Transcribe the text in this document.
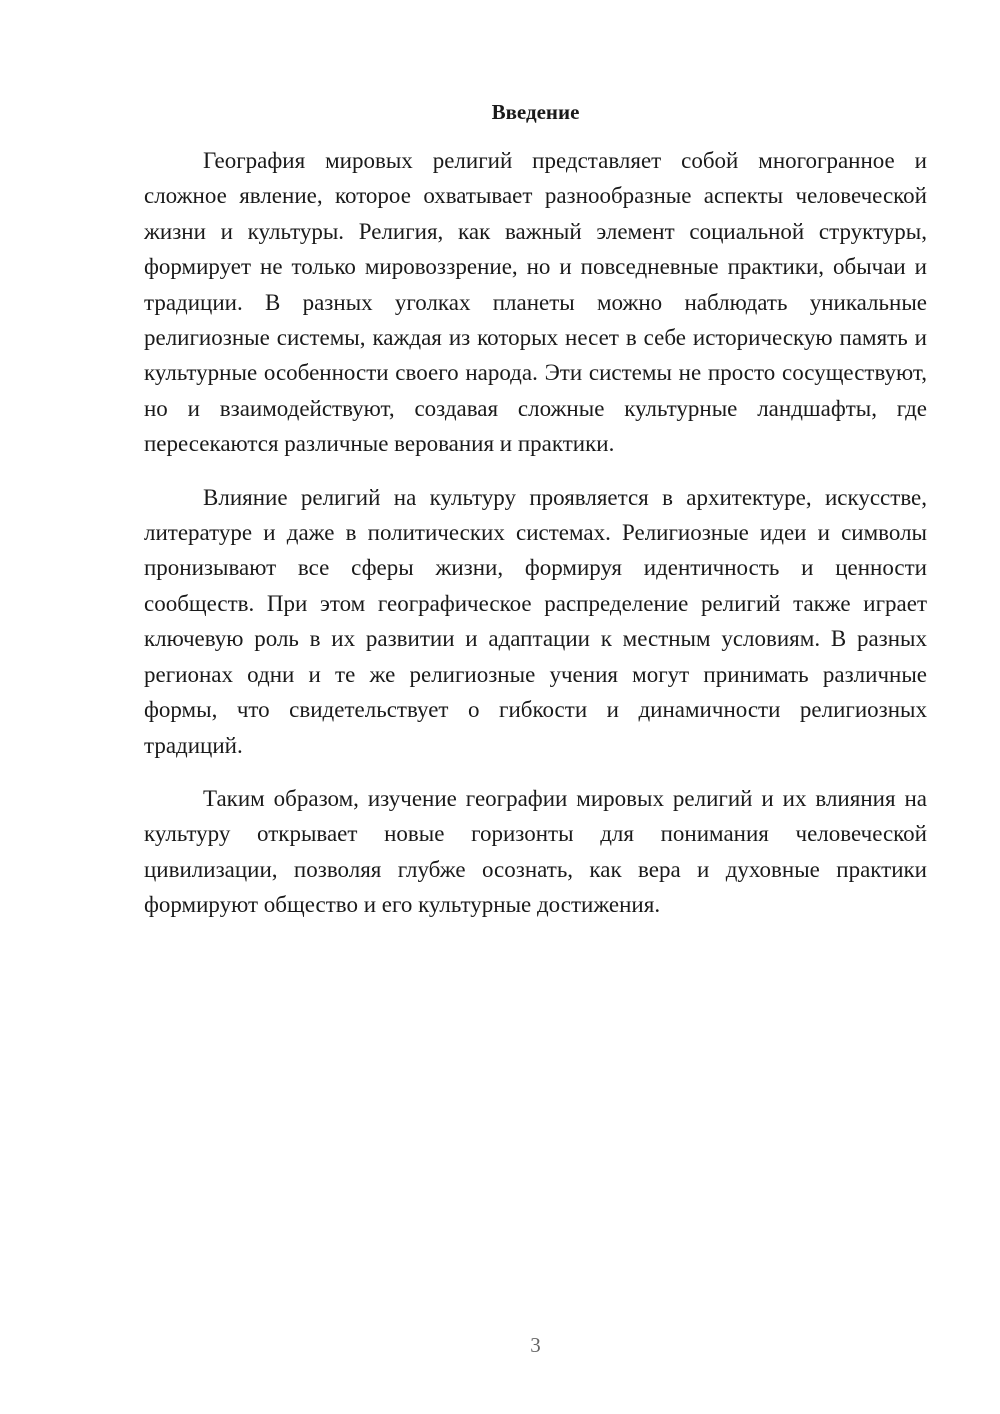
Введение

География мировых религий представляет собой многогранное и сложное явление, которое охватывает разнообразные аспекты человеческой жизни и культуры. Религия, как важный элемент социальной структуры, формирует не только мировоззрение, но и повседневные практики, обычаи и традиции. В разных уголках планеты можно наблюдать уникальные религиозные системы, каждая из которых несет в себе историческую память и культурные особенности своего народа. Эти системы не просто сосуществуют, но и взаимодействуют, создавая сложные культурные ландшафты, где пересекаются различные верования и практики.

Влияние религий на культуру проявляется в архитектуре, искусстве, литературе и даже в политических системах. Религиозные идеи и символы пронизывают все сферы жизни, формируя идентичность и ценности сообществ. При этом географическое распределение религий также играет ключевую роль в их развитии и адаптации к местным условиям. В разных регионах одни и те же религиозные учения могут принимать различные формы, что свидетельствует о гибкости и динамичности религиозных традиций.

Таким образом, изучение географии мировых религий и их влияния на культуру открывает новые горизонты для понимания человеческой цивилизации, позволяя глубже осознать, как вера и духовные практики формируют общество и его культурные достижения.

3
